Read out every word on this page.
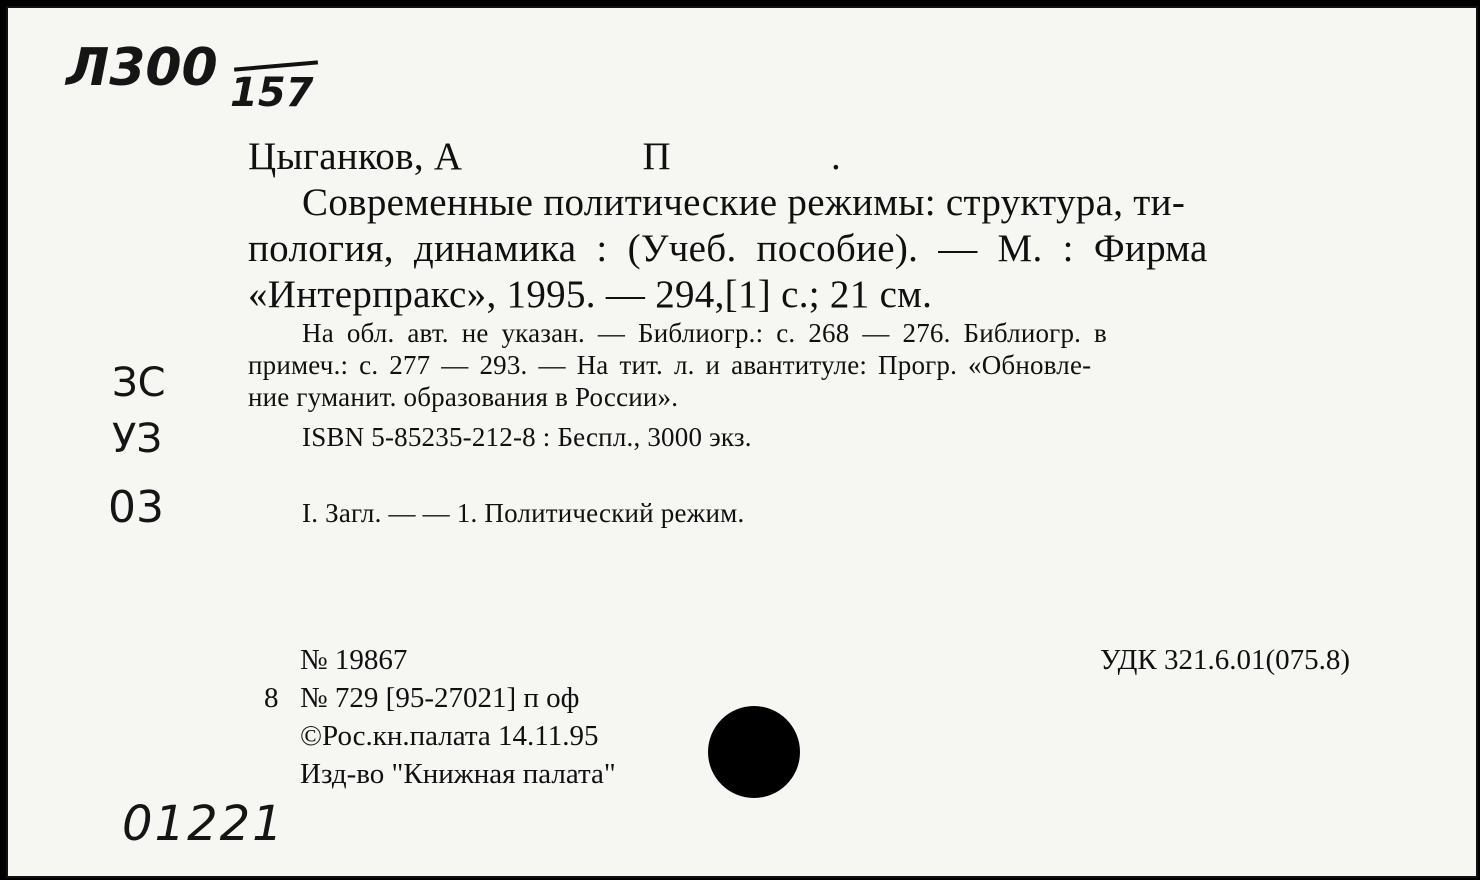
Л300 157
ЗС
УЗ
03
Цыганков, А	П	.
Современные политические режимы: структура, ти-
пология, динамика : (Учеб. пособие). — М. : Фирма
«Интерпракс», 1995. — 294,[1] с.; 21 см.
На обл. авт. не указан. — Библиогр.: с. 268 — 276. Библиогр. в
примеч.: с. 277 — 293. — На тит. л. и авантитуле: Прогр. «Обновле-
ние гуманит. образования в России».
ISBN 5-85235-212-8 : Беспл., 3000 экз.
I. Загл. — — 1. Политический режим.
№ 19867	УДК 321.6.01(075.8)
8 № 729 [95-27021] п оф
©Рос.кн.палата 14.11.95
Изд-во "Книжная палата"
01221
